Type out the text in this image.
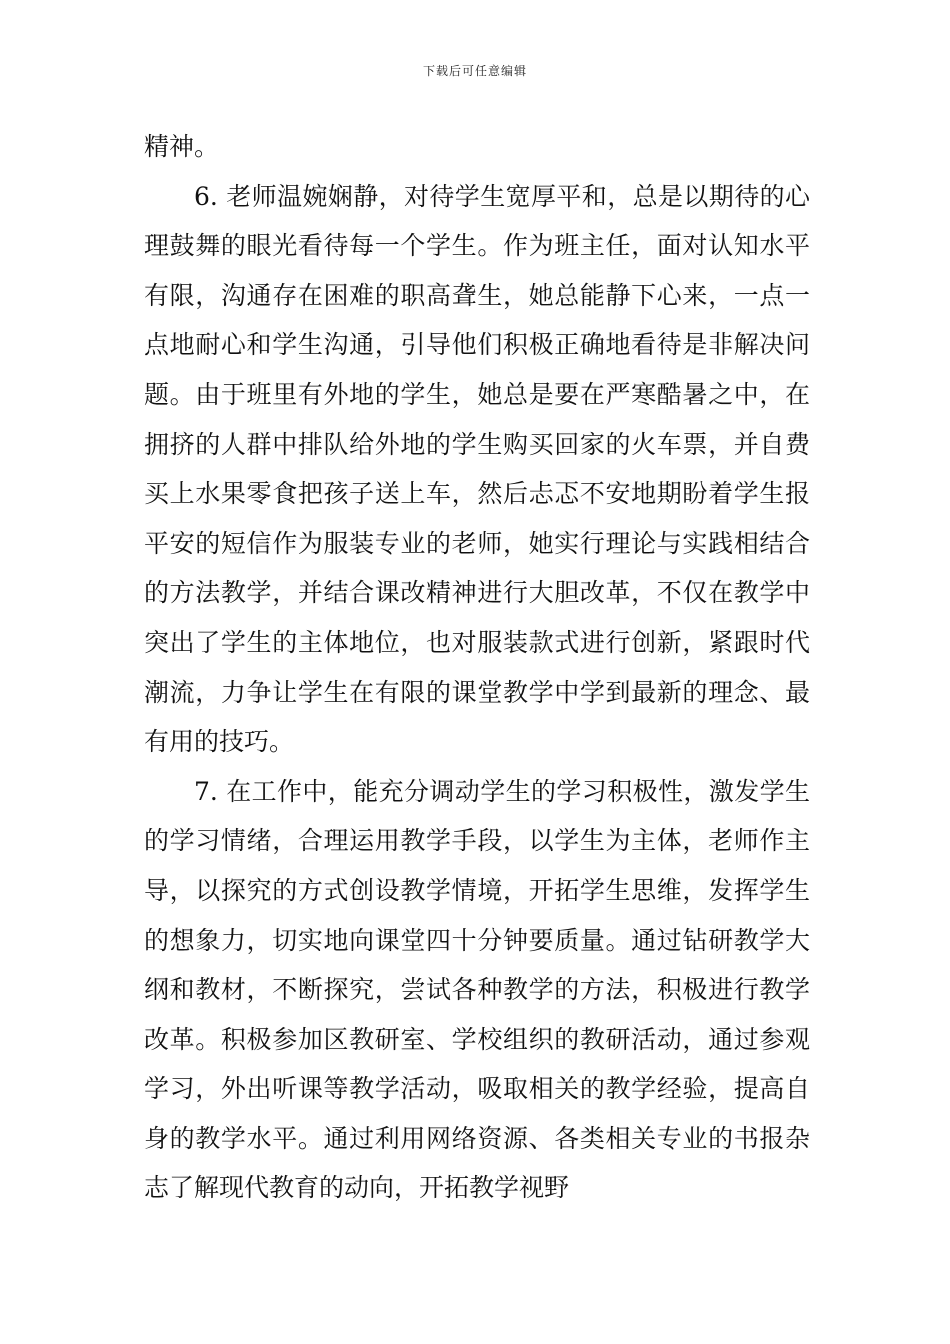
下载后可任意编辑

精神。

6. 老师温婉娴静，对待学生宽厚平和，总是以期待的心理鼓舞的眼光看待每一个学生。作为班主任，面对认知水平有限，沟通存在困难的职高聋生，她总能静下心来，一点一点地耐心和学生沟通，引导他们积极正确地看待是非解决问题。由于班里有外地的学生，她总是要在严寒酷暑之中，在拥挤的人群中排队给外地的学生购买回家的火车票，并自费买上水果零食把孩子送上车，然后忐忑不安地期盼着学生报平安的短信作为服装专业的老师，她实行理论与实践相结合的方法教学，并结合课改精神进行大胆改革，不仅在教学中突出了学生的主体地位，也对服装款式进行创新，紧跟时代潮流，力争让学生在有限的课堂教学中学到最新的理念、最有用的技巧。

7. 在工作中，能充分调动学生的学习积极性，激发学生的学习情绪，合理运用教学手段，以学生为主体，老师作主导，以探究的方式创设教学情境，开拓学生思维，发挥学生的想象力，切实地向课堂四十分钟要质量。通过钻研教学大纲和教材，不断探究，尝试各种教学的方法，积极进行教学改革。积极参加区教研室、学校组织的教研活动，通过参观学习，外出听课等教学活动，吸取相关的教学经验，提高自身的教学水平。通过利用网络资源、各类相关专业的书报杂志了解现代教育的动向，开拓教学视野
